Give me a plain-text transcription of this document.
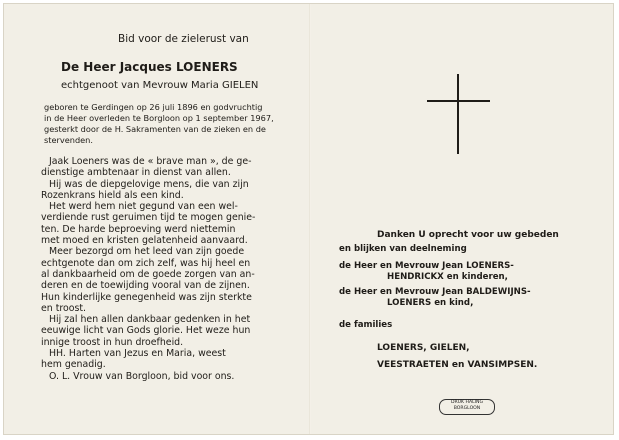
Bid voor de zielerust van
De Heer Jacques LOENERS
echtgenoot van Mevrouw Maria GIELEN
geboren te Gerdingen op 26 juli 1896 en godvruchtig
in de Heer overleden te Borgloon op 1 september 1967,
gesterkt door de H. Sakramenten van de zieken en de
stervenden.

Jaak Loeners was de « brave man », de ge-

dienstige ambtenaar in dienst van allen.

Hij was de diepgelovige mens, die van zijn

Rozenkrans hield als een kind.

Het werd hem niet gegund van een wel-

verdiende rust geruimen tijd te mogen genie-

ten. De harde beproeving werd niettemin

met moed en kristen gelatenheid aanvaard.

Meer bezorgd om het leed van zijn goede

echtgenote dan om zich zelf, was hij heel en

al dankbaarheid om de goede zorgen van an-

deren en de toewijding vooral van de zijnen.

Hun kinderlijke genegenheid was zijn sterkte

en troost.

Hij zal hen allen dankbaar gedenken in het

eeuwige licht van Gods glorie. Het weze hun

innige troost in hun droefheid.

HH. Harten van Jezus en Maria, weest

hem genadig.

O. L. Vrouw van Borgloon, bid voor ons.

Danken U oprecht voor uw gebeden
en blijken van deelneming
de Heer en Mevrouw Jean LOENERS-
HENDRICKX en kinderen,
de Heer en Mevrouw Jean BALDEWIJNS-
LOENERS en kind,
de families
LOENERS, GIELEN,
VEESTRAETEN en VANSIMPSEN.
DRUK HALING
BORGLOON
